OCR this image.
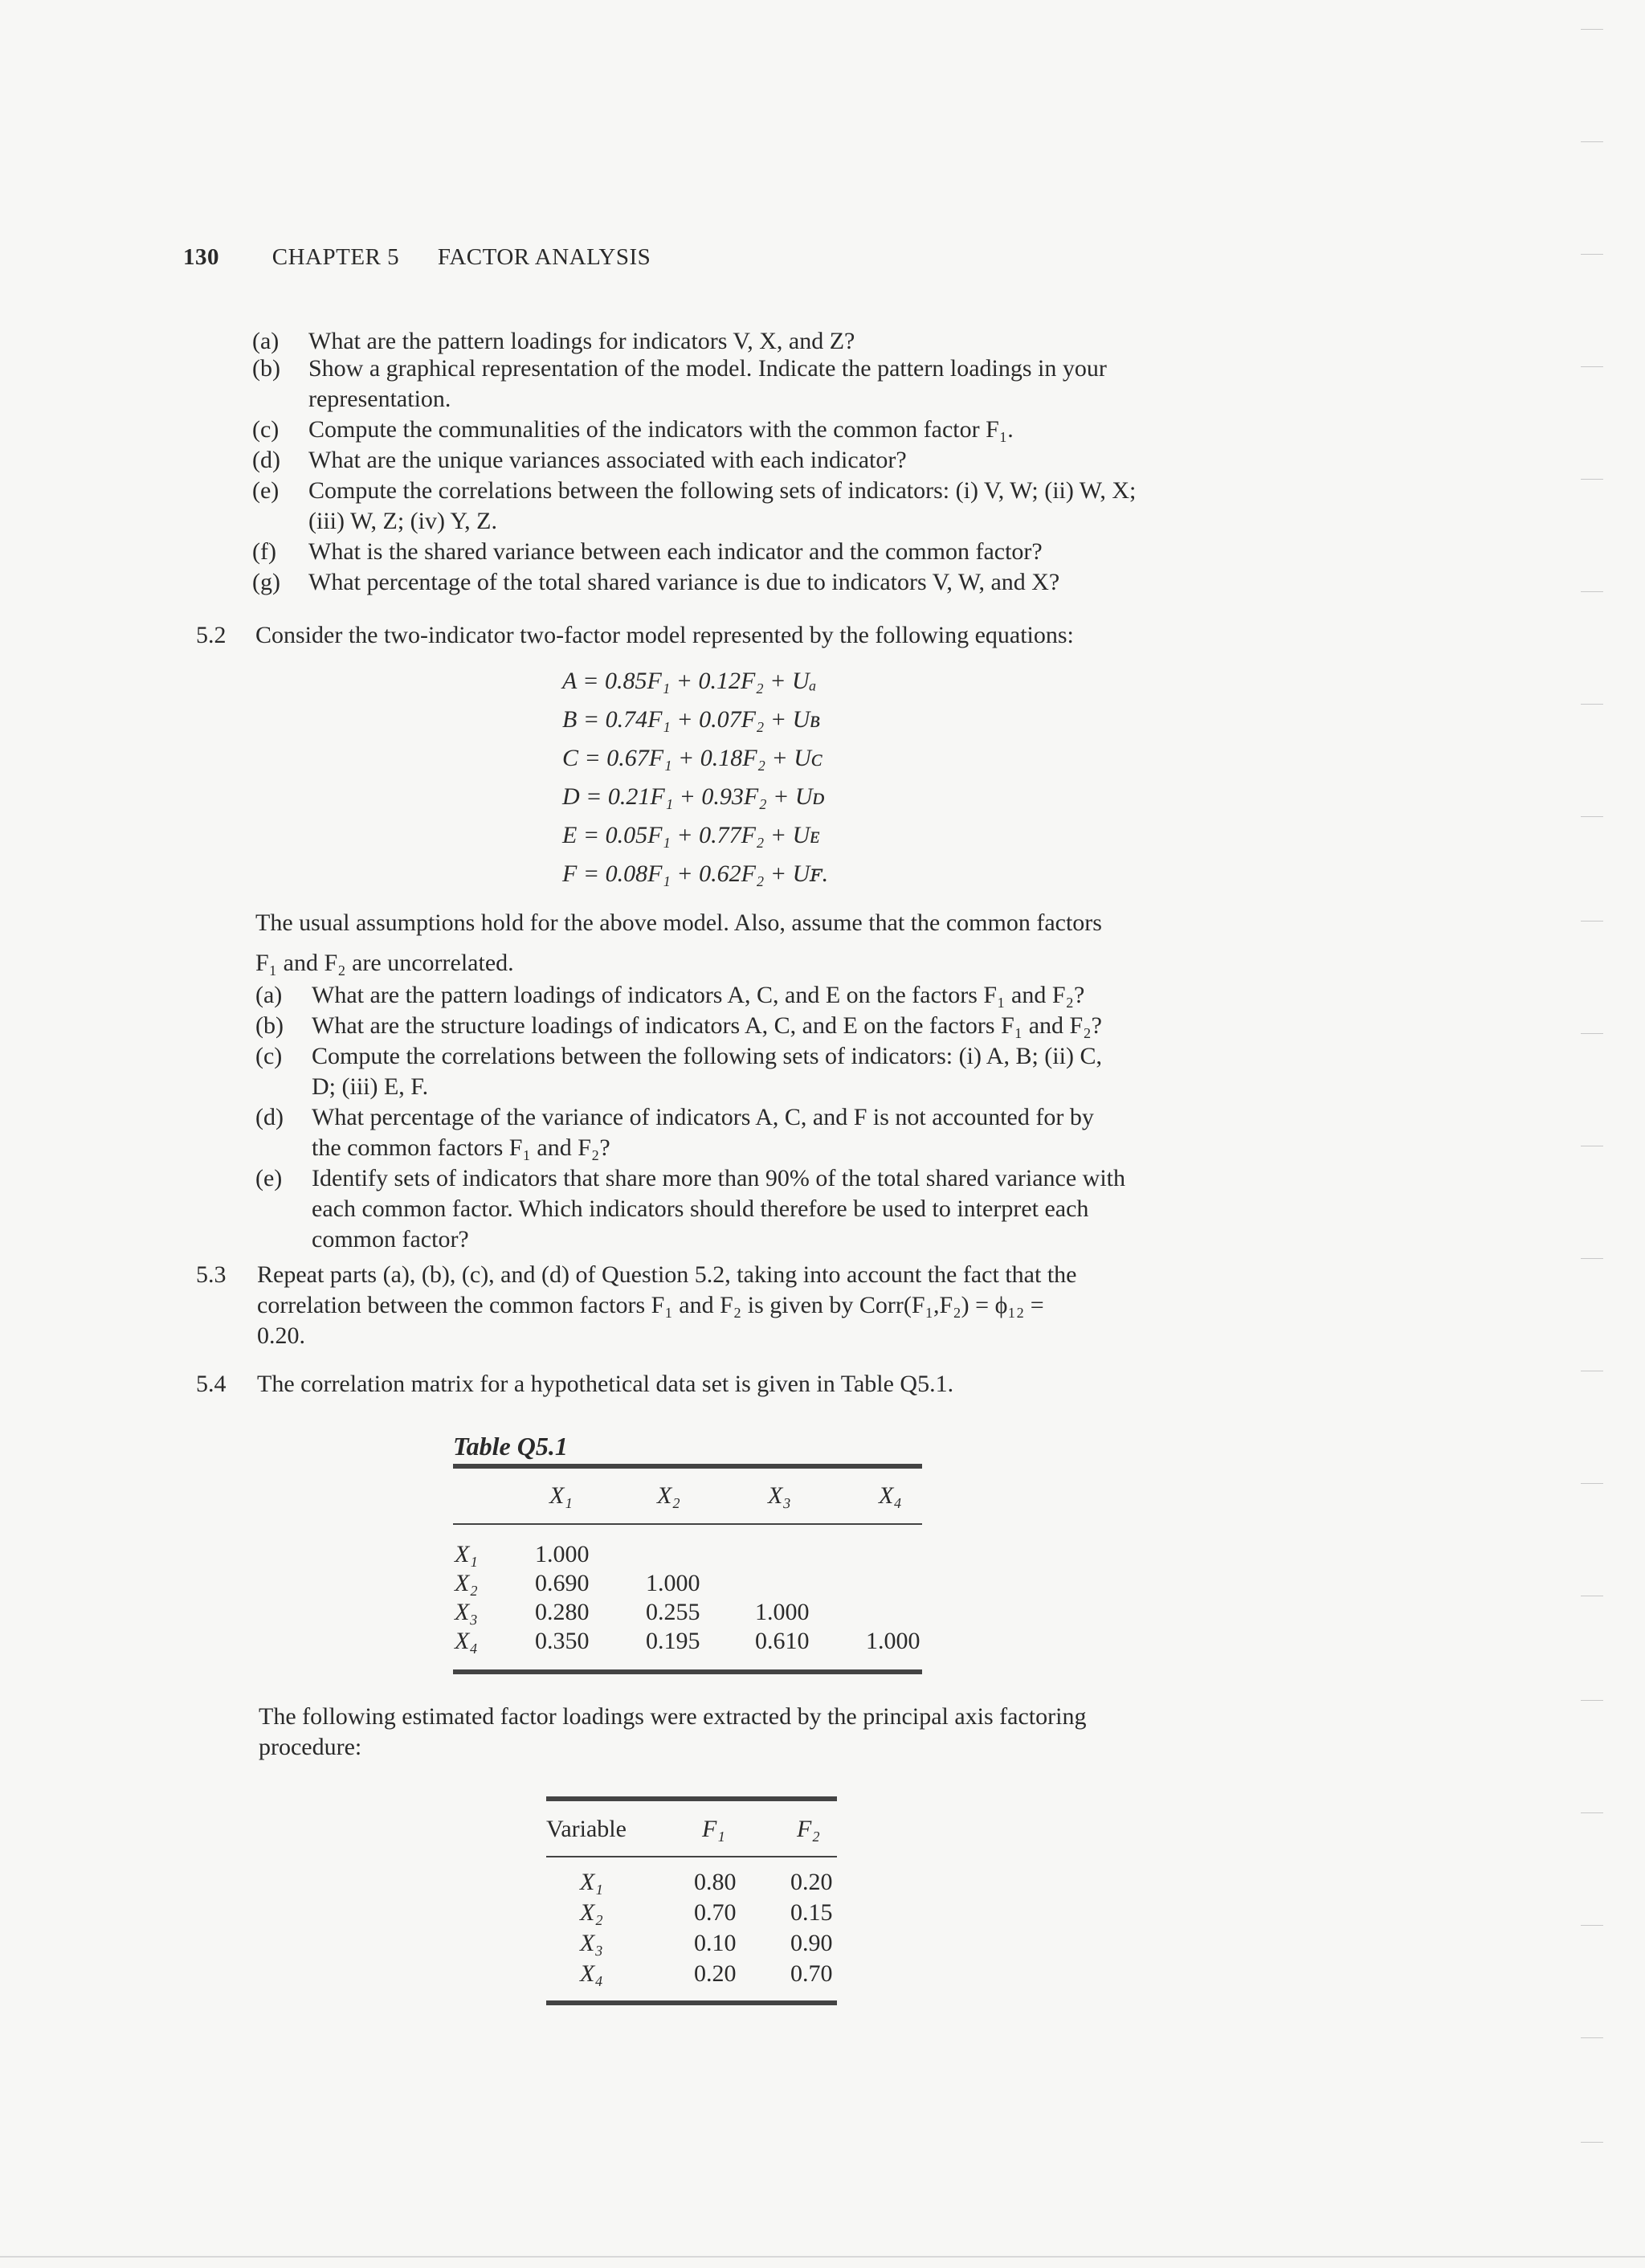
130 CHAPTER 5 FACTOR ANALYSIS
(a) What are the pattern loadings for indicators V, X, and Z?
(b) Show a graphical representation of the model. Indicate the pattern loadings in your
representation.
(c) Compute the communalities of the indicators with the common factor F₁.
(d) What are the unique variances associated with each indicator?
(e) Compute the correlations between the following sets of indicators: (i) V, W; (ii) W, X;
(iii) W, Z; (iv) Y, Z.
(f) What is the shared variance between each indicator and the common factor?
(g) What percentage of the total shared variance is due to indicators V, W, and X?
5.2 Consider the two-indicator two-factor model represented by the following equations:
A = 0.85F₁ + 0.12F₂ + Uₐ
B = 0.74F₁ + 0.07F₂ + Uʙ
C = 0.67F₁ + 0.18F₂ + Uᴄ
D = 0.21F₁ + 0.93F₂ + Uᴅ
E = 0.05F₁ + 0.77F₂ + Uᴇ
F = 0.08F₁ + 0.62F₂ + Uꜰ.
The usual assumptions hold for the above model. Also, assume that the common factors
F₁ and F₂ are uncorrelated.
(a) What are the pattern loadings of indicators A, C, and E on the factors F₁ and F₂?
(b) What are the structure loadings of indicators A, C, and E on the factors F₁ and F₂?
(c) Compute the correlations between the following sets of indicators: (i) A, B; (ii) C,
D; (iii) E, F.
(d) What percentage of the variance of indicators A, C, and F is not accounted for by
the common factors F₁ and F₂?
(e) Identify sets of indicators that share more than 90% of the total shared variance with
each common factor. Which indicators should therefore be used to interpret each
common factor?
5.3 Repeat parts (a), (b), (c), and (d) of Question 5.2, taking into account the fact that the
correlation between the common factors F₁ and F₂ is given by Corr(F₁,F₂) = ϕ₁₂ =
0.20.
5.4 The correlation matrix for a hypothetical data set is given in Table Q5.1.
Table Q5.1
X₁	X₂	X₃	X₄
X₁ 1.000
X₂ 0.690 1.000
X₃ 0.280 0.255 1.000
X₄ 0.350 0.195 0.610 1.000
The following estimated factor loadings were extracted by the principal axis factoring
procedure:
Variable	F₁	F₂
X₁	0.80 0.20
X₂	0.70 0.15
X₃	0.10 0.90
X₄	0.20 0.70
